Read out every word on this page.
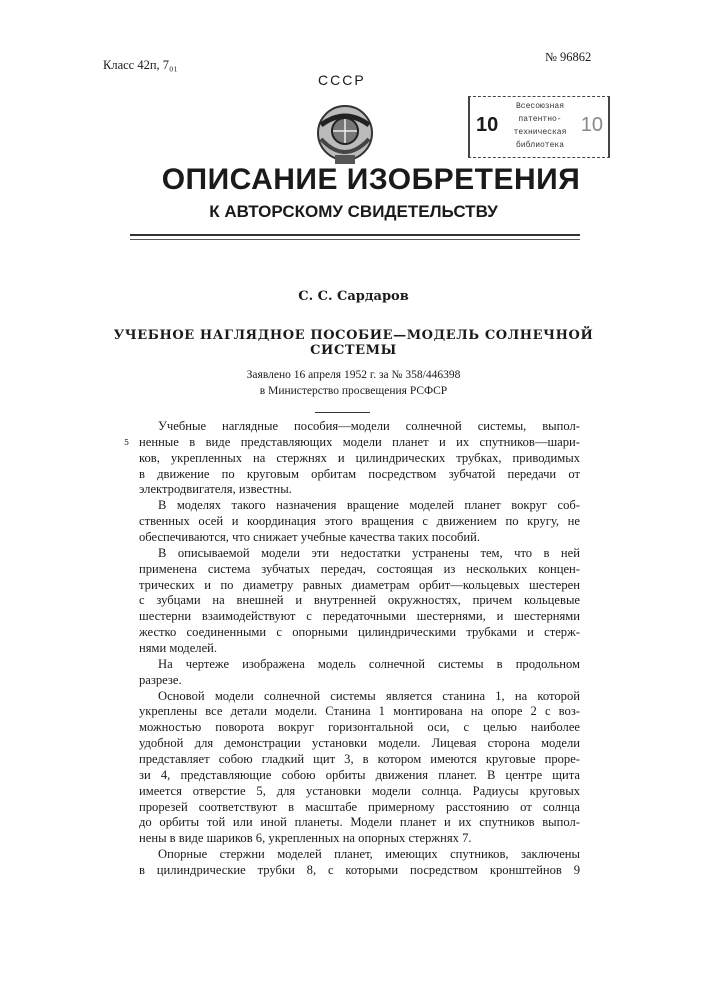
Класс 42п, 7₀₁
№ 96862
СССР
Всесоюзная
патентно-
техническая
библиотека
10	10
ОПИСАНИЕ ИЗОБРЕТЕНИЯ
К АВТОРСКОМУ СВИДЕТЕЛЬСТВУ
С. С. Сардаров
УЧЕБНОЕ НАГЛЯДНОЕ ПОСОБИЕ—МОДЕЛЬ СОЛНЕЧНОЙ
СИСТЕМЫ
Заявлено 16 апреля 1952 г. за № 358/446398
в Министерство просвещения РСФСР
5
Учебные наглядные пособия—модели солнечной системы, выпол-
ненные в виде представляющих модели планет и их спутников—шари-
ков, укрепленных на стержнях и цилиндрических трубках, приводимых
в движение по круговым орбитам посредством зубчатой передачи от
электродвигателя, известны.
В моделях такого назначения вращение моделей планет вокруг соб-
ственных осей и координация этого вращения с движением по кругу, не
обеспечиваются, что снижает учебные качества таких пособий.
В описываемой модели эти недостатки устранены тем, что в ней
применена система зубчатых передач, состоящая из нескольких концен-
трических и по диаметру равных диаметрам орбит—кольцевых шестерен
с зубцами на внешней и внутренней окружностях, причем кольцевые
шестерни взаимодействуют с передаточными шестернями, и шестернями
жестко соединенными с опорными цилиндрическими трубками и стерж-
нями моделей.
На чертеже изображена модель солнечной системы в продольном
разрезе.
Основой модели солнечной системы является станина 1, на которой
укреплены все детали модели. Станина 1 монтирована на опоре 2 с воз-
можностью поворота вокруг горизонтальной оси, с целью наиболее
удобной для демонстрации установки модели. Лицевая сторона модели
представляет собою гладкий щит 3, в котором имеются круговые проре-
зи 4, представляющие собою орбиты движения планет. В центре щита
имеется отверстие 5, для установки модели солнца. Радиусы круговых
прорезей соответствуют в масштабе примерному расстоянию от солнца
до орбиты той или иной планеты. Модели планет и их спутников выпол-
нены в виде шариков 6, укрепленных на опорных стержнях 7.
Опорные стержни моделей планет, имеющих спутников, заключены
в цилиндрические трубки 8, с которыми посредством кронштейнов 9
